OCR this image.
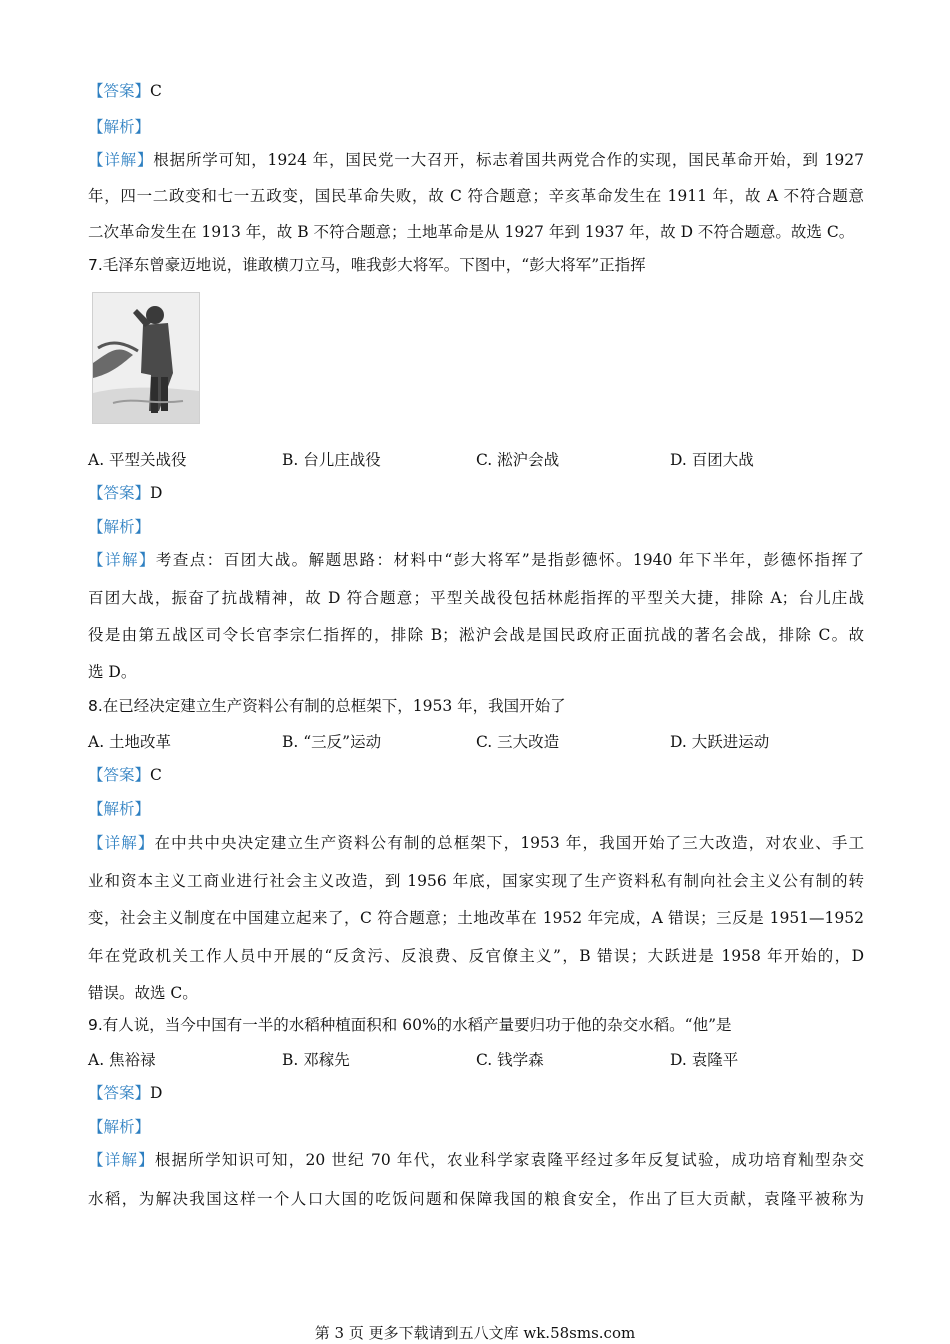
【答案】C
【解析】
【详解】根据所学可知，1924 年，国民党一大召开，标志着国共两党合作的实现，国民革命开始，到 1927
年，四一二政变和七一五政变，国民革命失败，故 C 符合题意；辛亥革命发生在 1911 年，故 A 不符合题意
二次革命发生在 1913 年，故 B 不符合题意；土地革命是从 1927 年到 1937 年，故 D 不符合题意。故选 C。
7.毛泽东曾豪迈地说，谁敢横刀立马，唯我彭大将军。下图中，“彭大将军”正指挥
A. 平型关战役	B. 台儿庄战役	C. 淞沪会战	D. 百团大战
【答案】D
【解析】
【详解】考查点：百团大战。解题思路：材料中“彭大将军”是指彭德怀。1940 年下半年，彭德怀指挥了
百团大战，振奋了抗战精神，故 D 符合题意；平型关战役包括林彪指挥的平型关大捷，排除 A；台儿庄战
役是由第五战区司令长官李宗仁指挥的，排除 B；淞沪会战是国民政府正面抗战的著名会战，排除 C。故
选 D。
8.在已经决定建立生产资料公有制的总框架下，1953 年，我国开始了
A. 土地改革	B. “三反”运动	C. 三大改造	D. 大跃进运动
【答案】C
【解析】
【详解】在中共中央决定建立生产资料公有制的总框架下，1953 年，我国开始了三大改造，对农业、手工
业和资本主义工商业进行社会主义改造，到 1956 年底，国家实现了生产资料私有制向社会主义公有制的转
变，社会主义制度在中国建立起来了，C 符合题意；土地改革在 1952 年完成，A 错误；三反是 1951—1952
年在党政机关工作人员中开展的“反贪污、反浪费、反官僚主义”，B 错误；大跃进是 1958 年开始的，D
错误。故选 C。
9.有人说，当今中国有一半的水稻种植面积和 60%的水稻产量要归功于他的杂交水稻。“他”是
A. 焦裕禄	B. 邓稼先	C. 钱学森	D. 袁隆平
【答案】D
【解析】
【详解】根据所学知识可知，20 世纪 70 年代，农业科学家袁隆平经过多年反复试验，成功培育籼型杂交
水稻，为解决我国这样一个人口大国的吃饭问题和保障我国的粮食安全，作出了巨大贡献，袁隆平被称为
第 3 页 更多下载请到五八文库 wk.58sms.com
